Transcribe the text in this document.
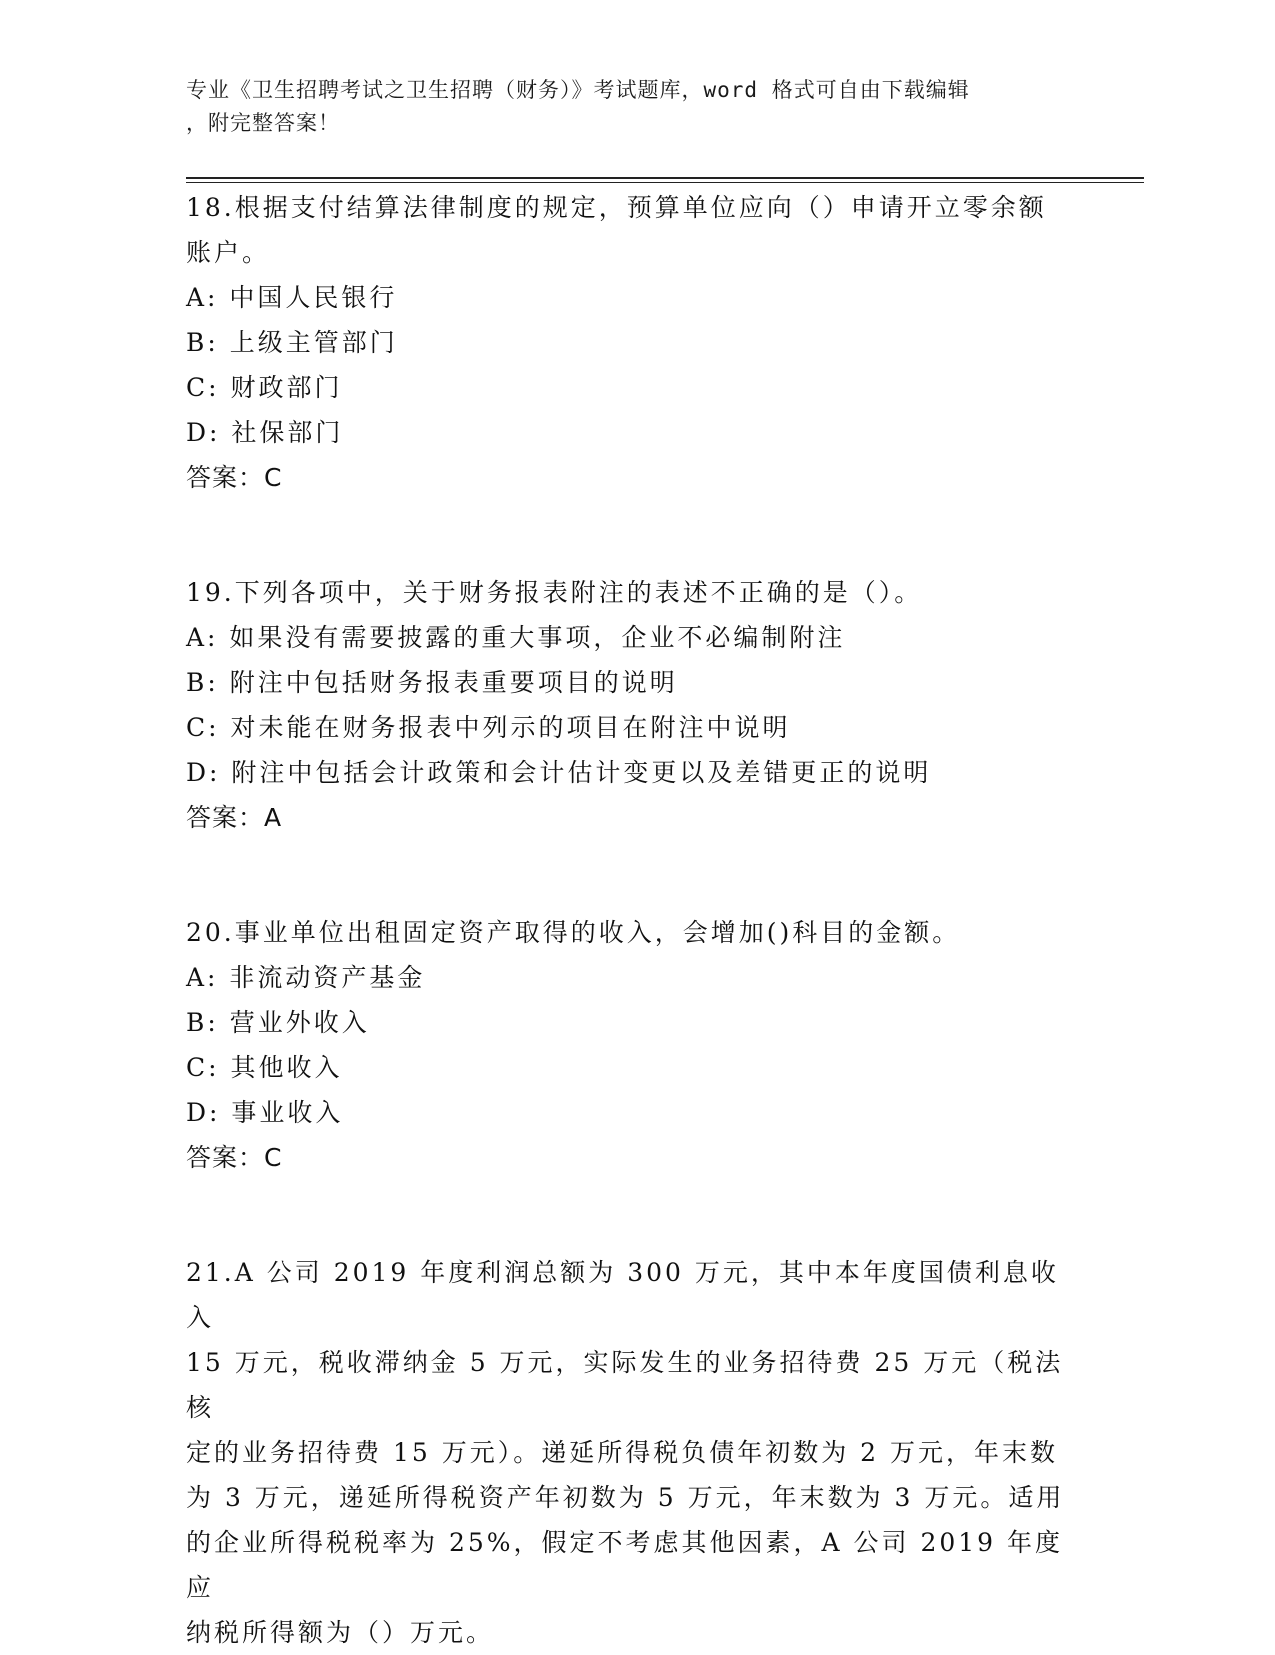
专业《卫生招聘考试之卫生招聘（财务）》考试题库，word 格式可自由下载编辑
，附完整答案！

18.根据支付结算法律制度的规定，预算单位应向（）申请开立零余额

账户。

A: 中国人民银行

B: 上级主管部门

C: 财政部门

D: 社保部门

答案：C

19.下列各项中，关于财务报表附注的表述不正确的是（）。

A: 如果没有需要披露的重大事项，企业不必编制附注

B: 附注中包括财务报表重要项目的说明

C: 对未能在财务报表中列示的项目在附注中说明

D: 附注中包括会计政策和会计估计变更以及差错更正的说明

答案：A

20.事业单位出租固定资产取得的收入，会增加()科目的金额。

A: 非流动资产基金

B: 营业外收入

C: 其他收入

D: 事业收入

答案：C

21.A 公司 2019 年度利润总额为 300 万元，其中本年度国债利息收入

15 万元，税收滞纳金 5 万元，实际发生的业务招待费 25 万元（税法核

定的业务招待费 15 万元）。递延所得税负债年初数为 2 万元，年末数

为 3 万元，递延所得税资产年初数为 5 万元，年末数为 3 万元。适用

的企业所得税税率为 25%，假定不考虑其他因素，A 公司 2019 年度应

纳税所得额为（）万元。
